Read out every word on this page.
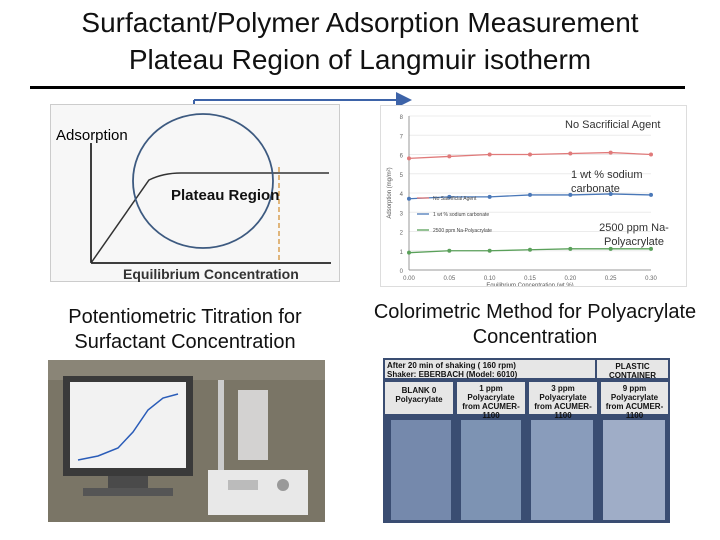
Surfactant/Polymer Adsorption Measurement
Plateau Region of Langmuir isotherm
Adsorption
Plateau Region
Equilibrium Concentration	0
1
2
3
4
5
6
7
8
0.00	0.05	0.10	0.15	0.20	0.25	0.30
Adsorption (mg/m²)
Equilibrium Concentration (wt %)
No Sacrificial Agent
1 wt % sodium carbonate
2500 ppm Na-Polyacrylate
No Sacrificial Agent
1 wt % sodium carbonate
2500 ppm Na-Polyacrylate
Potentiometric Titration for Surfactant Concentration
Colorimetric Method for Polyacrylate Concentration
After 20 min of shaking ( 160 rpm)
Shaker: EBERBACH (Model: 6010)
PLASTIC CONTAINER
BLANK 0 Polyacrylate
1 ppm Polyacrylate from ACUMER-1100
3 ppm Polyacrylate from ACUMER-1100
9 ppm Polyacrylate from ACUMER-1100
